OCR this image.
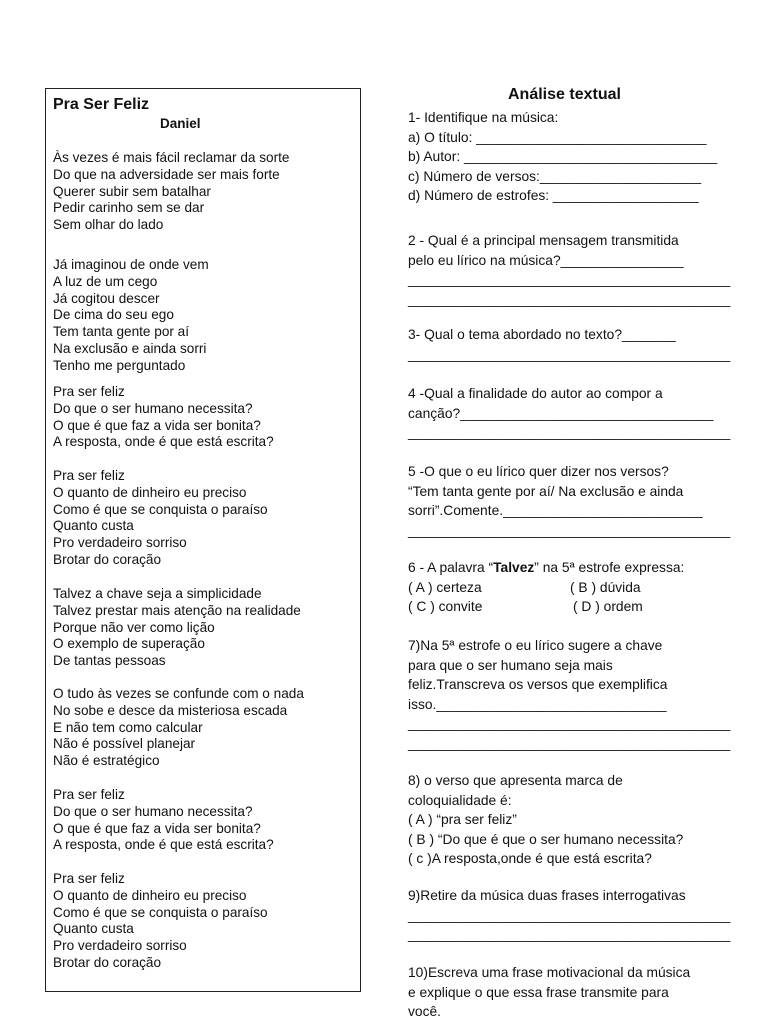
Pra Ser Feliz
Daniel
Às vezes é mais fácil reclamar da sorte
Do que na adversidade ser mais forte
Querer subir sem batalhar
Pedir carinho sem se dar
Sem olhar do lado
Já imaginou de onde vem
A luz de um cego
Já cogitou descer
De cima do seu ego
Tem tanta gente por aí
Na exclusão e ainda sorri
Tenho me perguntado
Pra ser feliz
Do que o ser humano necessita?
O que é que faz a vida ser bonita?
A resposta, onde é que está escrita?
Pra ser feliz
O quanto de dinheiro eu preciso
Como é que se conquista o paraíso
Quanto custa
Pro verdadeiro sorriso
Brotar do coração
Talvez a chave seja a simplicidade
Talvez prestar mais atenção na realidade
Porque não ver como lição
O exemplo de superação
De tantas pessoas
O tudo às vezes se confunde com o nada
No sobe e desce da misteriosa escada
E não tem como calcular
Não é possível planejar
Não é estratégico
Pra ser feliz
Do que o ser humano necessita?
O que é que faz a vida ser bonita?
A resposta, onde é que está escrita?
Pra ser feliz
O quanto de dinheiro eu preciso
Como é que se conquista o paraíso
Quanto custa
Pro verdadeiro sorriso
Brotar do coração
Análise textual
1- Identifique na música:
a) O título: ______________________________
b) Autor: _________________________________
c) Número de versos:_____________________
d) Número de estrofes: ___________________
2 - Qual é a principal mensagem transmitida
pelo eu lírico na música?________________
__________________________________________
__________________________________________
3- Qual o tema abordado no texto?_______
__________________________________________
4 -Qual a finalidade do autor ao compor a
canção?_________________________________
__________________________________________
5 -O que o eu lírico quer dizer nos versos?
“Tem tanta gente por aí/ Na exclusão e ainda
sorri”.Comente.__________________________
__________________________________________
6 - A palavra “Talvez” na 5ª estrofe expressa:
( A ) certeza	( B ) dúvida
( C ) convite	( D ) ordem
7)Na 5ª estrofe o eu lírico sugere a chave
para que o ser humano seja mais
feliz.Transcreva os versos que exemplifica
isso.______________________________
__________________________________________
__________________________________________
8) o verso que apresenta marca de
coloquialidade é:
( A ) “pra ser feliz”
( B ) “Do que é que o ser humano necessita?
( c )A resposta,onde é que está escrita?
9)Retire da música duas frases interrogativas
__________________________________________
__________________________________________
10)Escreva uma frase motivacional da música
e explique o que essa frase transmite para
você.
